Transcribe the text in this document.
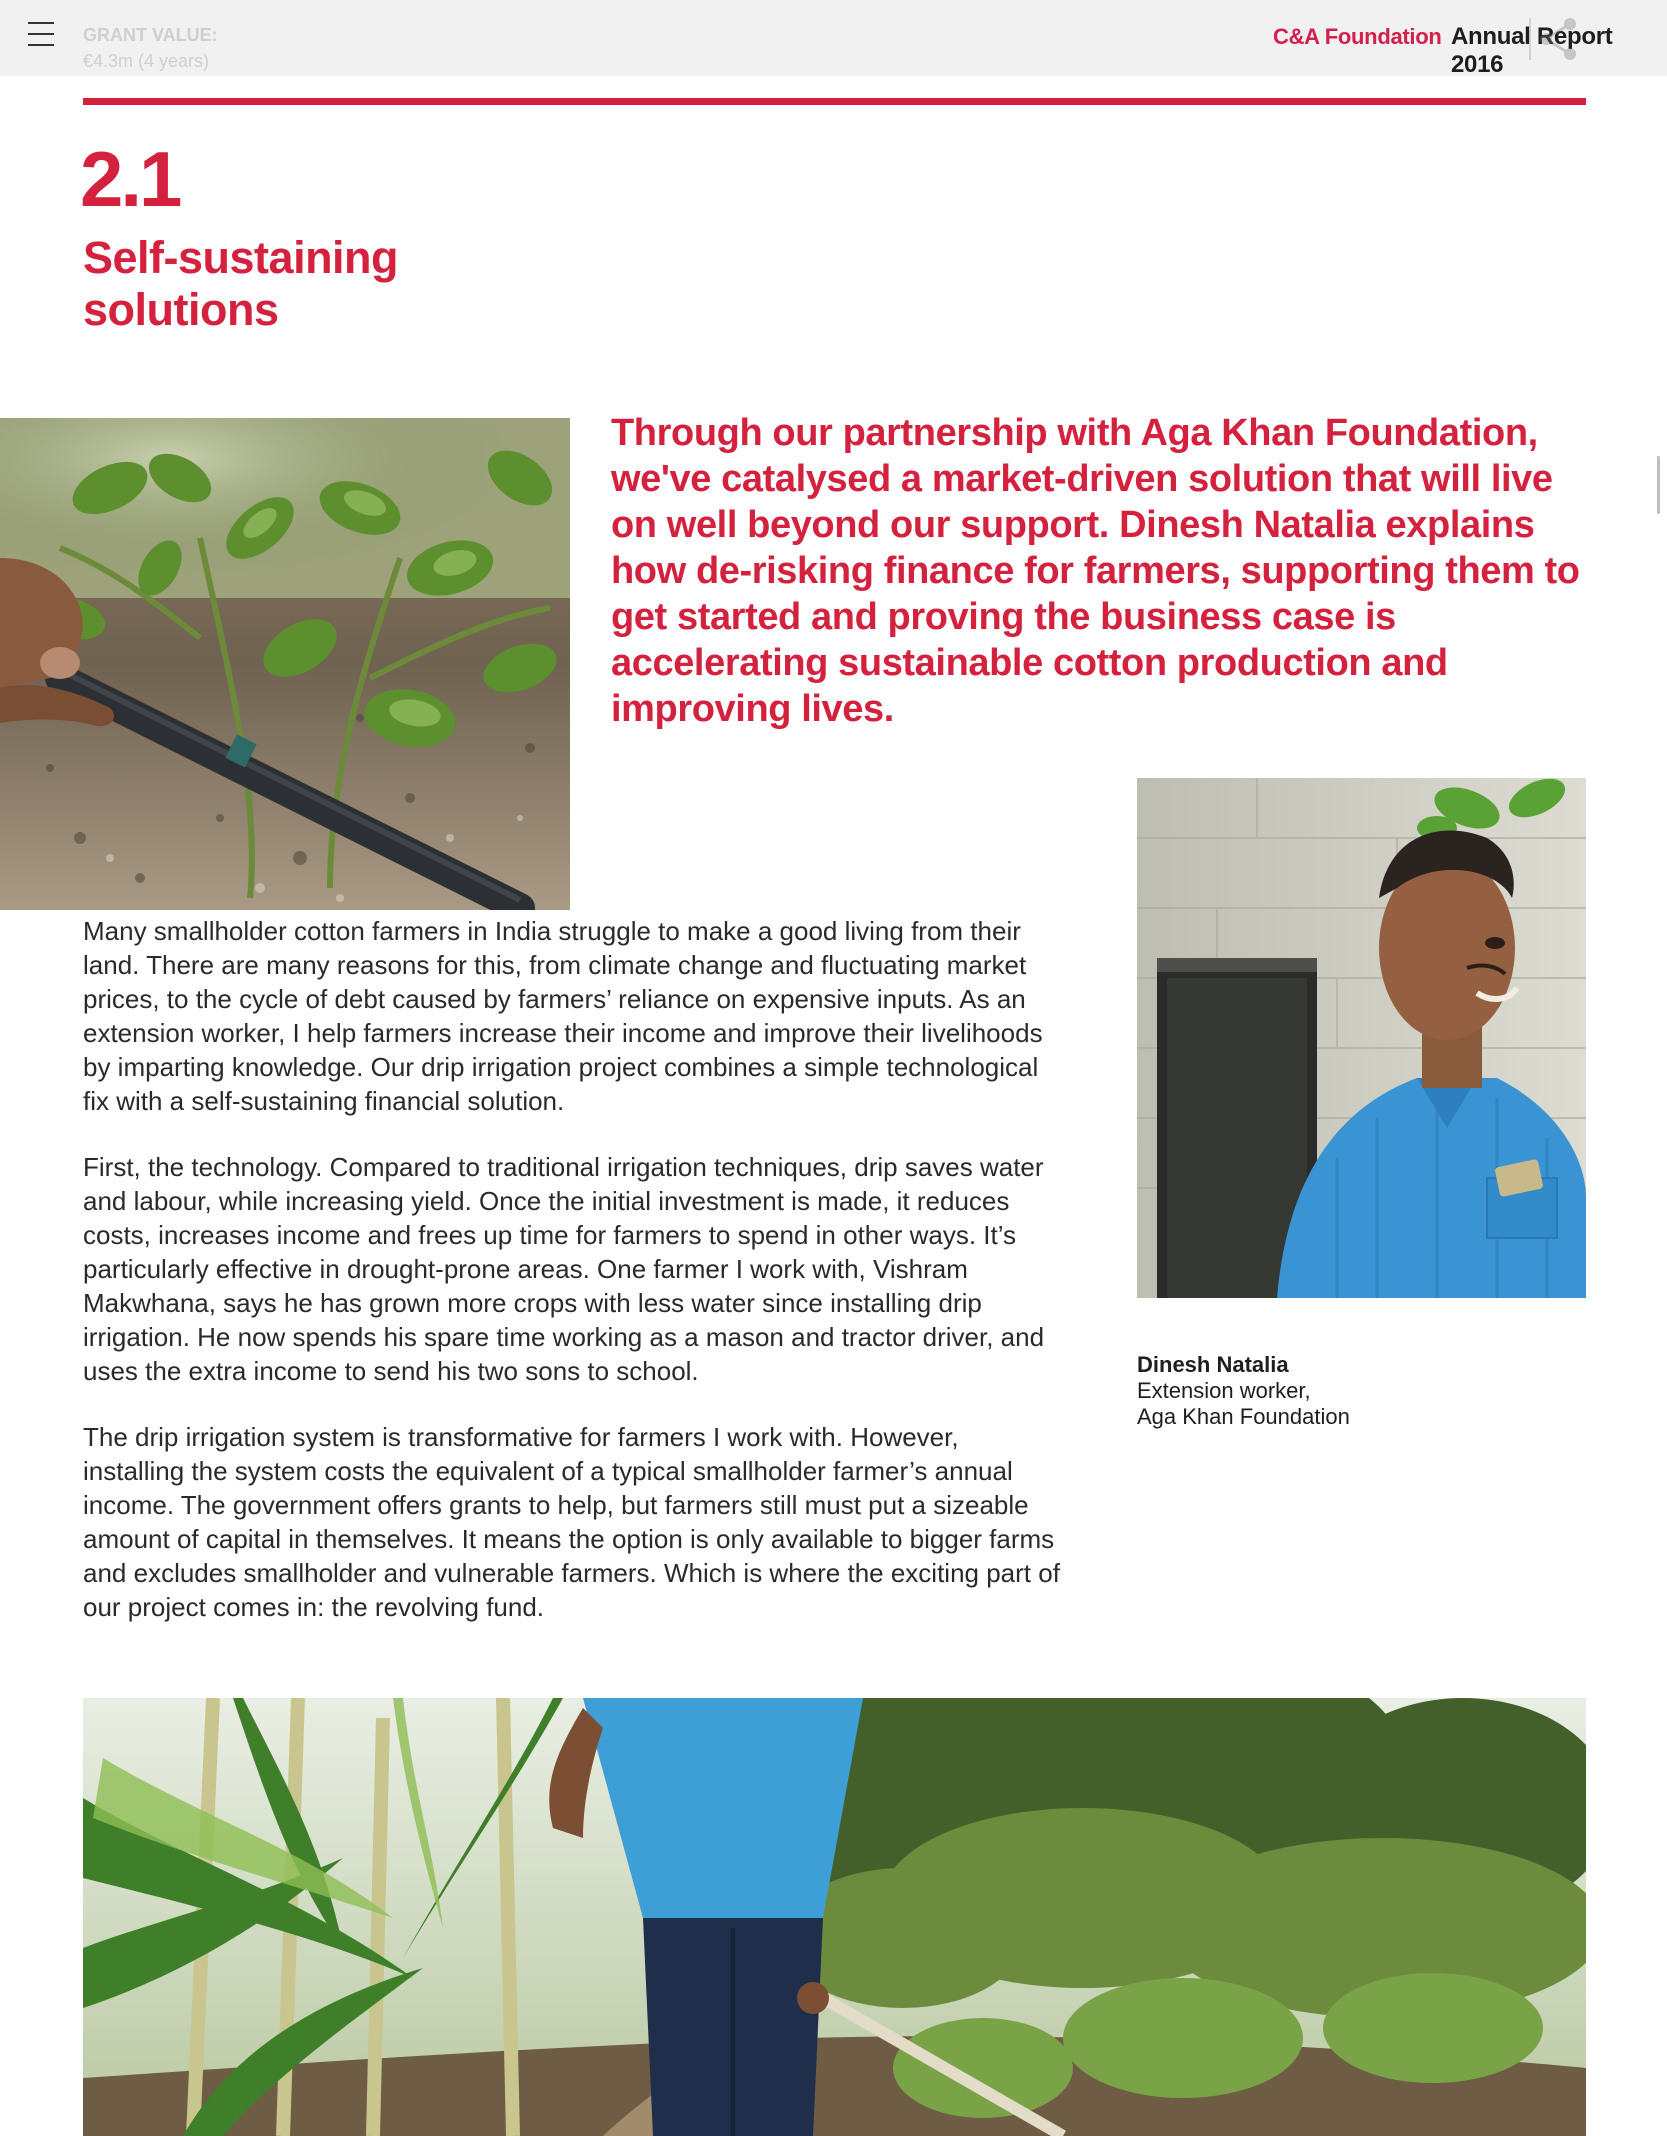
GRANT VALUE:
€4.3m (4 years)
C&A Foundation Annual Report 2016
2.1
Self-sustaining
solutions
Through our partnership with Aga Khan Foundation, we've catalysed a market-driven solution that will live on well beyond our support. Dinesh Natalia explains how de-risking finance for farmers, supporting them to get started and proving the business case is accelerating sustainable cotton production and improving lives.
Dinesh Natalia
Extension worker,
Aga Khan Foundation

Many smallholder cotton farmers in India struggle to make a good living from their land. There are many reasons for this, from climate change and fluctuating market prices, to the cycle of debt caused by farmers’ reliance on expensive inputs. As an extension worker, I help farmers increase their income and improve their livelihoods by imparting knowledge. Our drip irrigation project combines a simple technological fix with a self-sustaining financial solution.

First, the technology. Compared to traditional irrigation techniques, drip saves water and labour, while increasing yield. Once the initial investment is made, it reduces costs, increases income and frees up time for farmers to spend in other ways. It’s particularly effective in drought-prone areas. One farmer I work with, Vishram Makwhana, says he has grown more crops with less water since installing drip irrigation. He now spends his spare time working as a mason and tractor driver, and uses the extra income to send his two sons to school.

The drip irrigation system is transformative for farmers I work with. However, installing the system costs the equivalent of a typical smallholder farmer’s annual income. The government offers grants to help, but farmers still must put a sizeable amount of capital in themselves. It means the option is only available to bigger farms and excludes smallholder and vulnerable farmers. Which is where the exciting part of our project comes in: the revolving fund.
